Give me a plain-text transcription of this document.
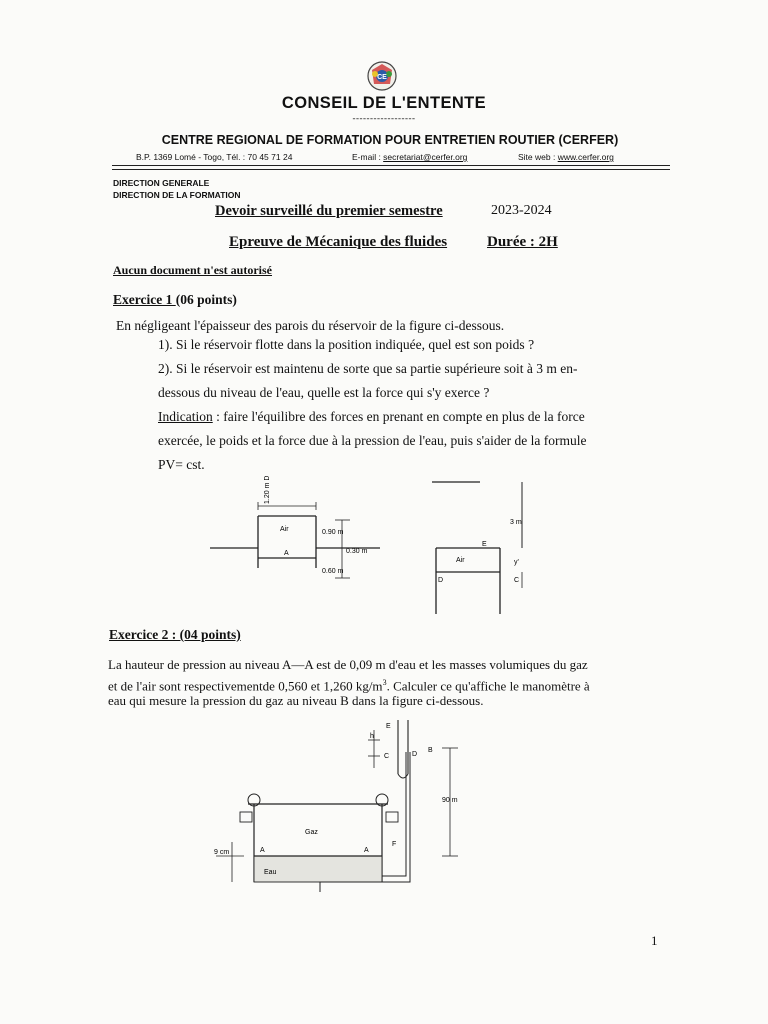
CE
CONSEIL DE L'ENTENTE
------------------
CENTRE REGIONAL DE FORMATION POUR ENTRETIEN ROUTIER (CERFER)
B.P. 1369 Lomé - Togo, Tél. : 70 45 71 24	E-mail : secretariat@cerfer.org	Site web : www.cerfer.org
DIRECTION GENERALE
DIRECTION DE LA FORMATION
Devoir surveillé du premier semestre	2023-2024
Epreuve de Mécanique des fluides	Durée : 2H
Aucun document n'est autorisé
Exercice 1 (06 points)
En négligeant l'épaisseur des parois du réservoir de la figure ci-dessous.
1). Si le réservoir flotte dans la position indiquée, quel est son poids ?
2). Si le réservoir est maintenu de sorte que sa partie supérieure soit à 3 m en-
dessous du niveau de l'eau, quelle est la force qui s'y exerce ?
Indication : faire l'équilibre des forces en prenant en compte en plus de la force
exercée, le poids et la force due à la pression de l'eau, puis s'aider de la formule
PV= cst.
Air
A
1.20 m D
0.90 m
0.30 m
0.60 m
3 m
E
Air	y'
D	C
Exercice 2 : (04 points)
La hauteur de pression au niveau A—A est de 0,09 m d'eau et les masses volumiques du gaz
et de l'air sont respectivementde 0,560 et 1,260 $kg/m^3$. Calculer ce qu'affiche le manomètre à
eau qui mesure la pression du gaz au niveau B dans la figure ci-dessous.
E
h
C	D
B
90 m
Gaz
A	A
F
9 cm
Eau
1
